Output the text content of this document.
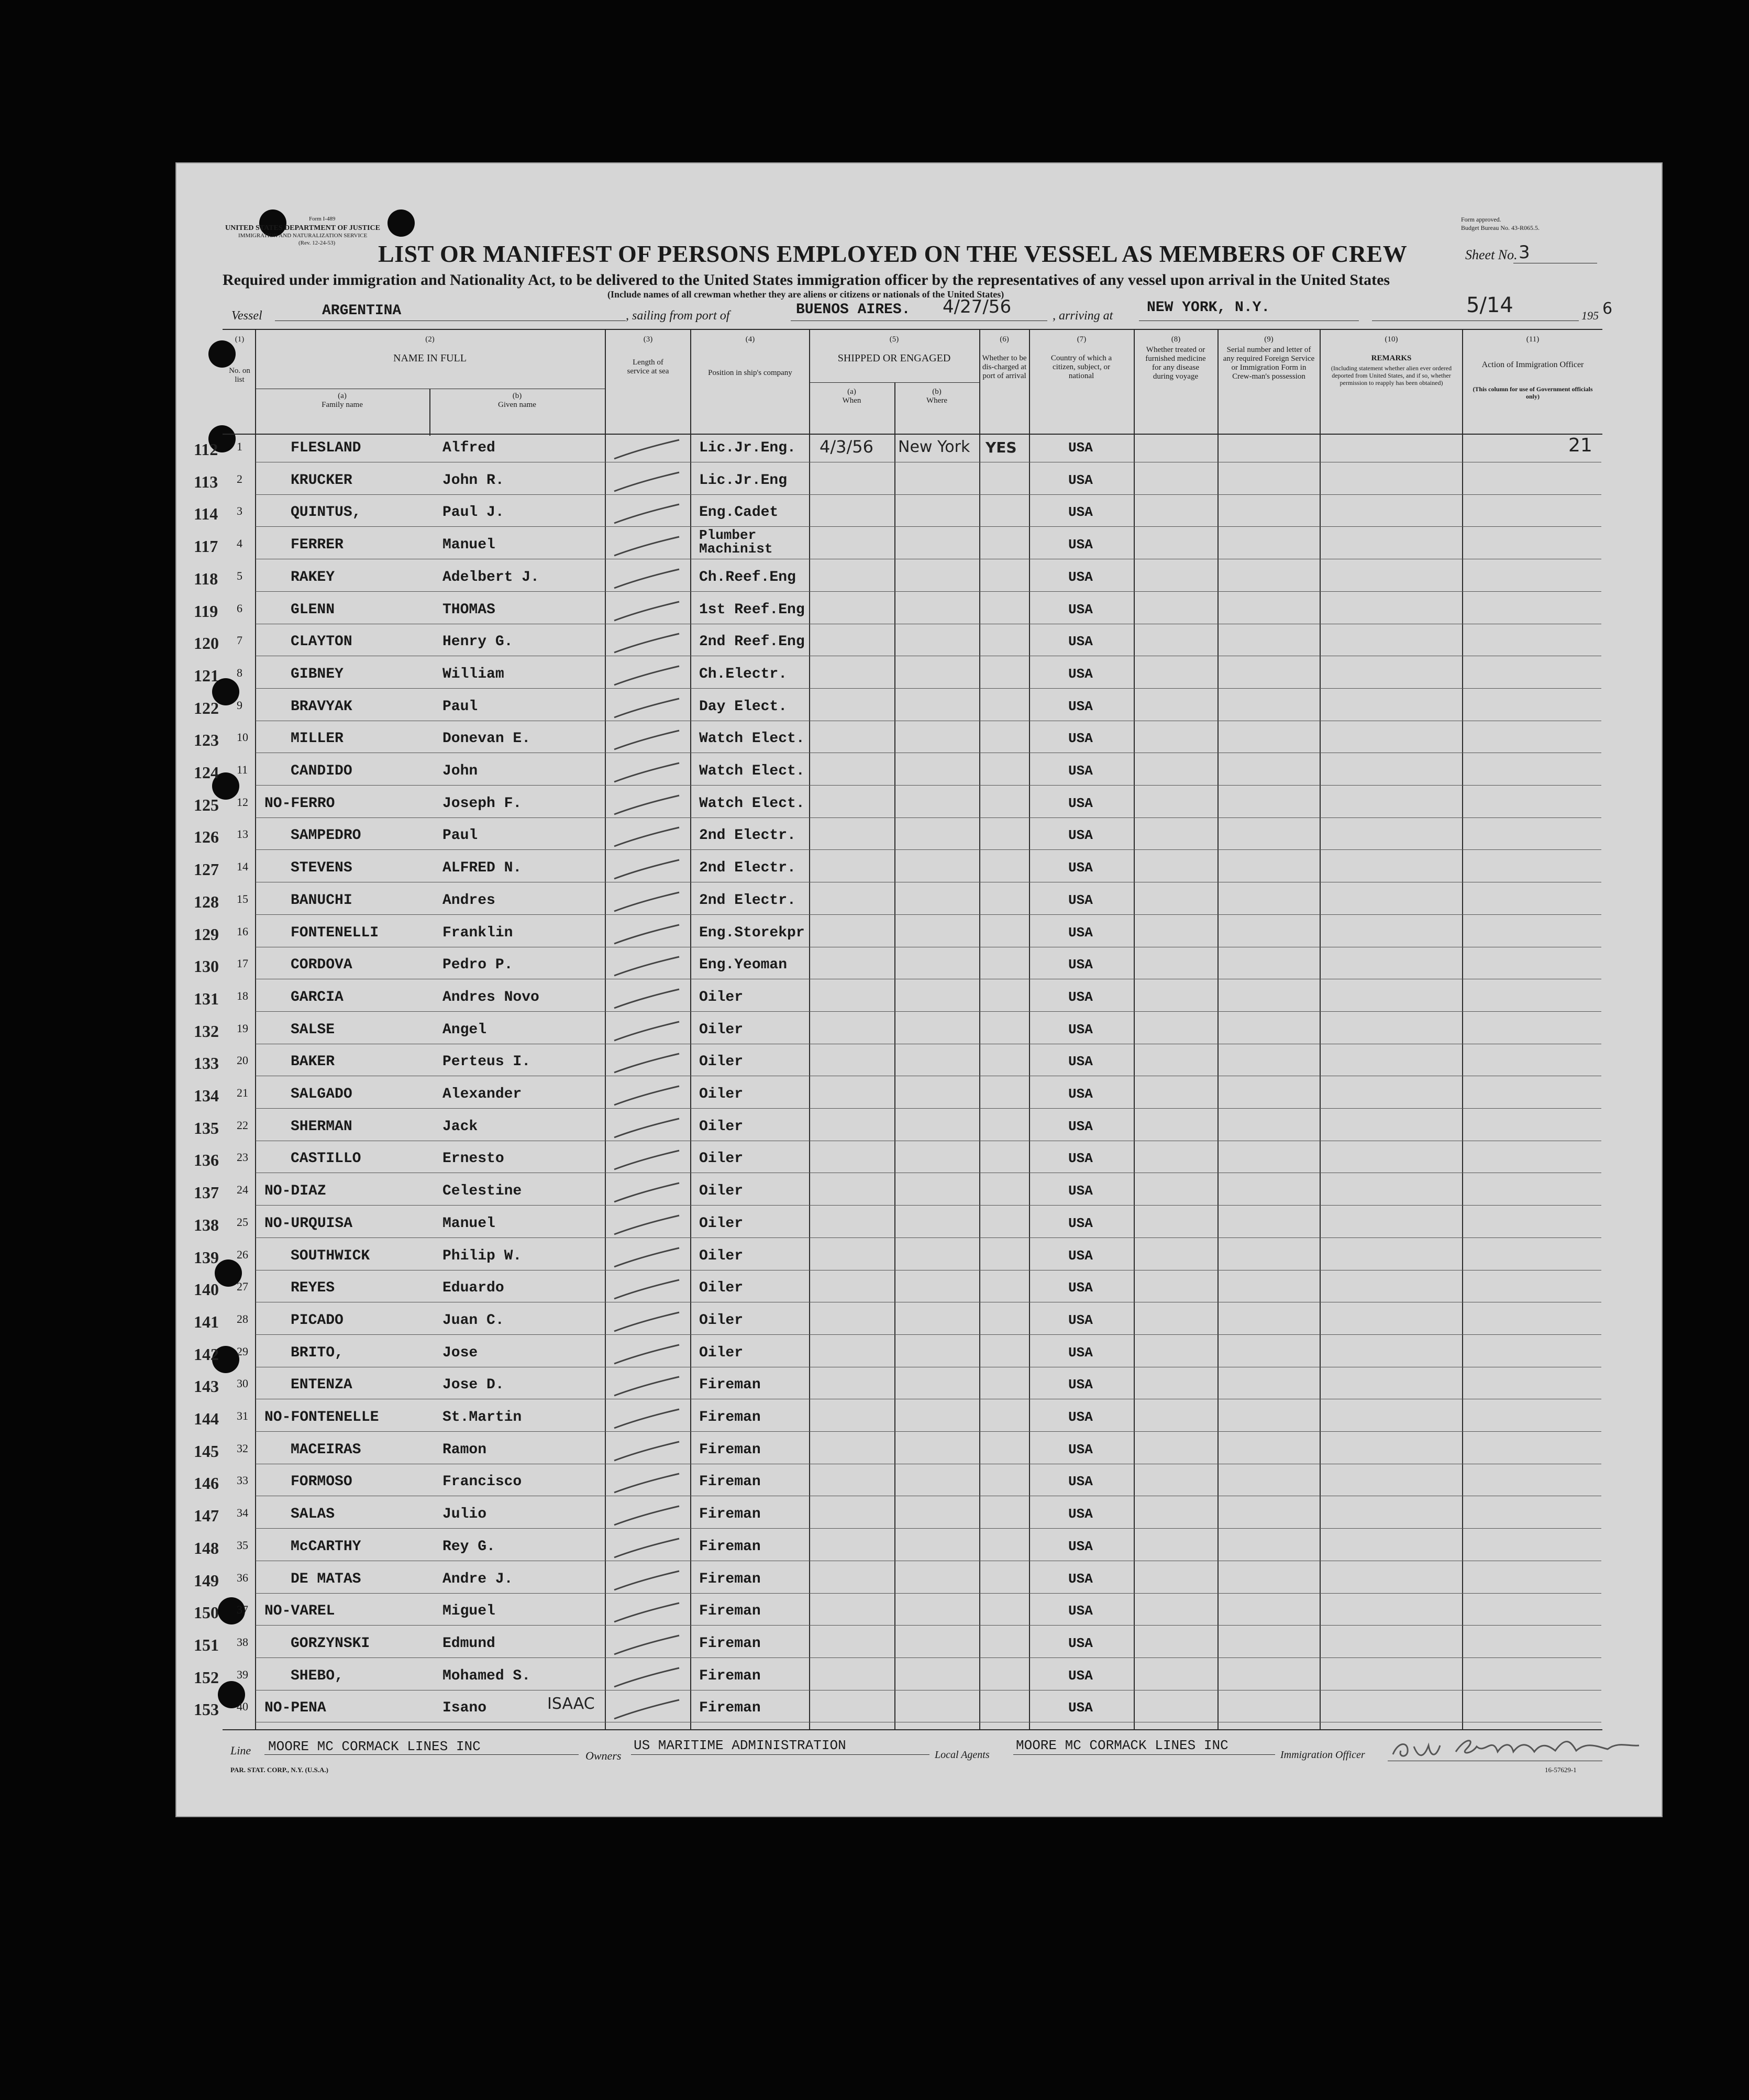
UNITED STATES DEPARTMENT OF JUSTICE
IMMIGRATION AND NATURALIZATION SERVICE
Form I-489
(Rev. 12-24-53)
Form approved.
Budget Bureau No. 43-R065.5.
LIST OR MANIFEST OF PERSONS EMPLOYED ON THE VESSEL AS MEMBERS OF CREW	Sheet No. 3
Required under immigration and Nationality Act, to be delivered to the United States immigration officer by the representatives of any vessel upon arrival in the United States
(Include names of all crewman whether they are aliens or citizens or nationals of the United States)
Vessel	ARGENTINA	, sailing from port of	BUENOS AIRES. 4/27/56	, arriving at NEW YORK, N.Y.	5/14	195 6
(1)
No. on list
(2)
NAME IN FULL
(a)
Family name
(b)
Given name
(3)
Length of service at sea
(4)
Position in ship's company
(5)
SHIPPED OR ENGAGED
(a)
When
(b)
Where
(6)
Whether to be dis-charged at port of arrival
(7)
Country of which a citizen, subject, or national
(8)
Whether treated or furnished medicine for any disease during voyage
(9)
Serial number and letter of any required Foreign Service or Immigration Form in Crew-man's possession
(10)
REMARKS
(Including statement whether alien ever ordered deported from United States, and if so, whether permission to reapply has been obtained)
(11)
Action of Immigration Officer
(This column for use of Government officials only)
112 1	FLESLAND	Alfred	Lic.Jr.Eng. 4/3/56 New York YES	USA	21
113 2	KRUCKER	John R.	Lic.Jr.Eng	USA
114 3	QUINTUS,	Paul J.	Eng.Cadet	USA
117 4	FERRER	Manuel
Plumber
Machinist	USA
118 5	RAKEY	Adelbert J.	Ch.Reef.Eng	USA
119 6	GLENN	THOMAS	1st Reef.Eng	USA
120 7	CLAYTON	Henry G.	2nd Reef.Eng	USA
121 8	GIBNEY	William	Ch.Electr.	USA
122 9	BRAVYAK	Paul	Day Elect.	USA
123 10	MILLER	Donevan E.	Watch Elect.	USA
124 11	CANDIDO	John	Watch Elect.	USA
125 12 NO-FERRO	Joseph F.	Watch Elect.	USA
126 13	SAMPEDRO	Paul	2nd Electr.	USA
127 14	STEVENS	ALFRED N.	2nd Electr.	USA
128 15	BANUCHI	Andres	2nd Electr.	USA
129 16	FONTENELLI	Franklin	Eng.Storekpr	USA
130 17	CORDOVA	Pedro P.	Eng.Yeoman	USA
131 18	GARCIA	Andres Novo	Oiler	USA
132 19	SALSE	Angel	Oiler	USA
133 20	BAKER	Perteus I.	Oiler	USA
134 21	SALGADO	Alexander	Oiler	USA
135 22	SHERMAN	Jack	Oiler	USA
136 23	CASTILLO	Ernesto	Oiler	USA
137 24 NO-DIAZ	Celestine	Oiler	USA
138 25 NO-URQUISA	Manuel	Oiler	USA
139 26	SOUTHWICK	Philip W.	Oiler	USA
140 27	REYES	Eduardo	Oiler	USA
141 28	PICADO	Juan C.	Oiler	USA
142 29	BRITO,	Jose	Oiler	USA
143 30	ENTENZA	Jose D.	Fireman	USA
144 31 NO-FONTENELLE	St.Martin	Fireman	USA
145 32	MACEIRAS	Ramon	Fireman	USA
146 33	FORMOSO	Francisco	Fireman	USA
147 34	SALAS	Julio	Fireman	USA
148 35	McCARTHY	Rey G.	Fireman	USA
149 36	DE MATAS	Andre J.	Fireman	USA
150 37 NO-VAREL	Miguel	Fireman	USA
151 38	GORZYNSKI	Edmund	Fireman	USA
152 39	SHEBO,	Mohamed S.	Fireman	USA
153 40 NO-PENA	Isano	ISAAC	Fireman	USA
Line MOORE MC CORMACK LINES INC
Owners
US MARITIME ADMINISTRATION
Local Agents
MOORE MC CORMACK LINES INC
Immigration Officer
PAR. STAT. CORP., N.Y. (U.S.A.)	16-57629-1
